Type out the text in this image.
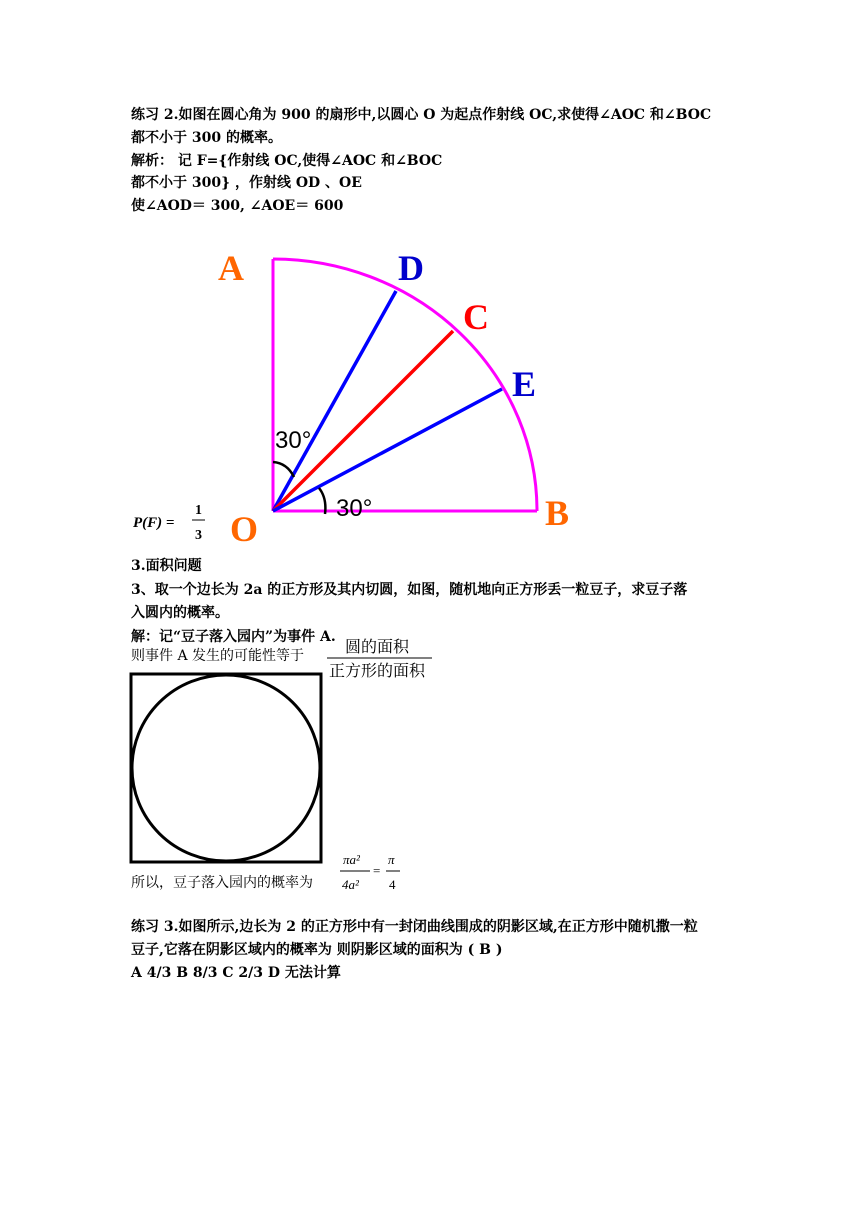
练习 2.如图在圆心角为 900 的扇形中,以圆心 O 为起点作射线 OC,求使得∠AOC 和∠BOC

都不小于 300 的概率。

解析： 记 F={作射线 OC,使得∠AOC 和∠BOC

都不小于 300} ，作射线 OD 、OE

使∠AOD＝ 300, ∠AOE＝ 600

A	D
C
E
B
O
30°
30°
P(F) =
1
3

3.面积问题

3、取一个边长为 2a 的正方形及其内切圆，如图，随机地向正方形丢一粒豆子，求豆子落

入圆内的概率。

解：记“豆子落入园内”为事件 A.

则事件 A 发生的可能性等于

所以，豆子落入园内的概率为

圆的面积
正方形的面积
πa²
4a²
=
π
4

练习 3.如图所示,边长为 2 的正方形中有一封闭曲线围成的阴影区域,在正方形中随机撒一粒

豆子,它落在阴影区域内的概率为 则阴影区域的面积为 ( B )

A 4/3 B 8/3 C 2/3 D 无法计算
